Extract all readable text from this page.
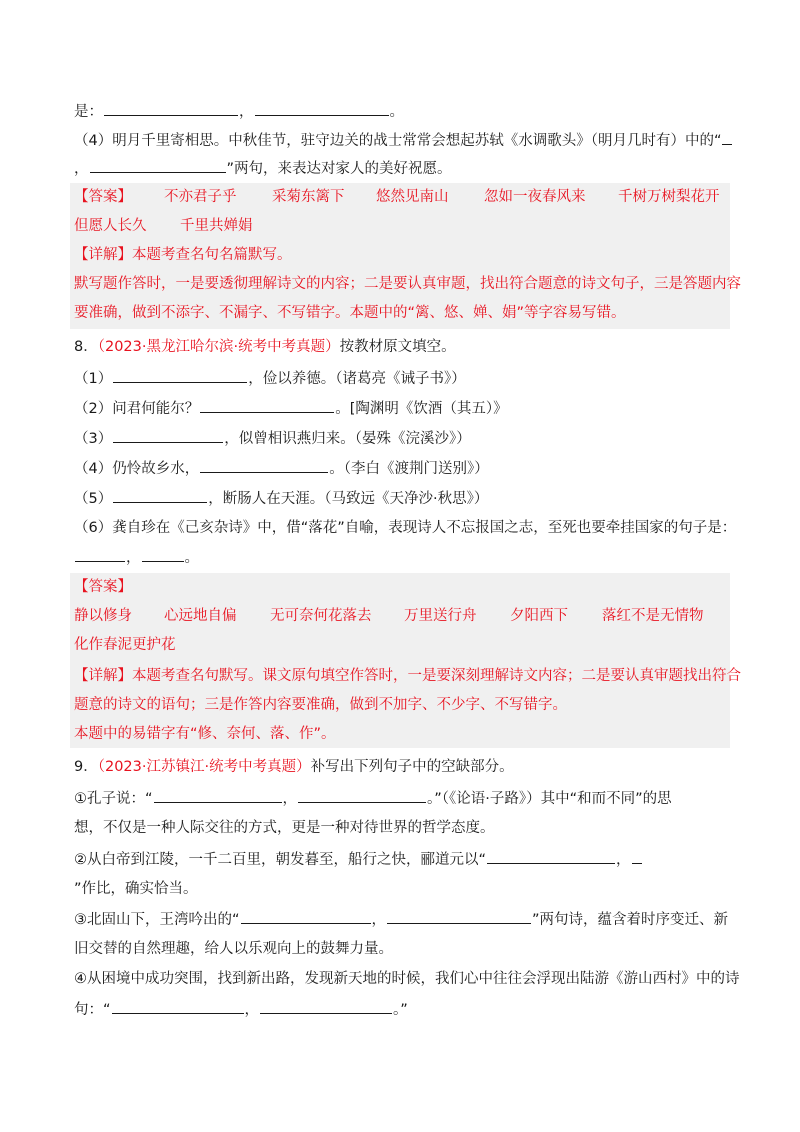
是：	，	。
（4）明月千里寄相思。中秋佳节，驻守边关的战士常常会想起苏轼《水调歌头》（明月几时有）中的“
，	”两句，来表达对家人的美好祝愿。
【答案】 不亦君子乎 采菊东篱下 悠然见南山 忽如一夜春风来 千树万树梨花开
但愿人长久 千里共婵娟
【详解】本题考查名句名篇默写。
默写题作答时，一是要透彻理解诗文的内容；二是要认真审题，找出符合题意的诗文句子，三是答题内容
要准确，做到不添字、不漏字、不写错字。本题中的“篱、悠、婵、娟”等字容易写错。
8．（2023·黑龙江哈尔滨·统考中考真题）按教材原文填空。
（1）	，俭以养德。（诸葛亮《诫子书》）
（2）问君何能尔？	。[陶渊明《饮酒（其五）》
（3）	，似曾相识燕归来。（晏殊《浣溪沙》）
（4）仍怜故乡水，	。（李白《渡荆门送别》）
（5）	，断肠人在天涯。（马致远《天净沙·秋思》）
（6）龚自珍在《己亥杂诗》中，借“落花”自喻，表现诗人不忘报国之志，至死也要牵挂国家的句子是：
，	。
【答案】
静以修身 心远地自偏 无可奈何花落去 万里送行舟 夕阳西下 落红不是无情物
化作春泥更护花
【详解】本题考查名句默写。课文原句填空作答时，一是要深刻理解诗文内容；二是要认真审题找出符合
题意的诗文的语句；三是作答内容要准确，做到不加字、不少字、不写错字。
本题中的易错字有“修、奈何、落、作”。
9．（2023·江苏镇江·统考中考真题）补写出下列句子中的空缺部分。
①孔子说：“	，	。”（《论语·子路》）其中“和而不同”的思
想，不仅是一种人际交往的方式，更是一种对待世界的哲学态度。
②从白帝到江陵，一千二百里，朝发暮至，船行之快，郦道元以“	，
”作比，确实恰当。
③北固山下，王湾吟出的“	，	”两句诗，蕴含着时序变迁、新
旧交替的自然理趣，给人以乐观向上的鼓舞力量。
④从困境中成功突围，找到新出路，发现新天地的时候，我们心中往往会浮现出陆游《游山西村》中的诗
句：“	，	。”
